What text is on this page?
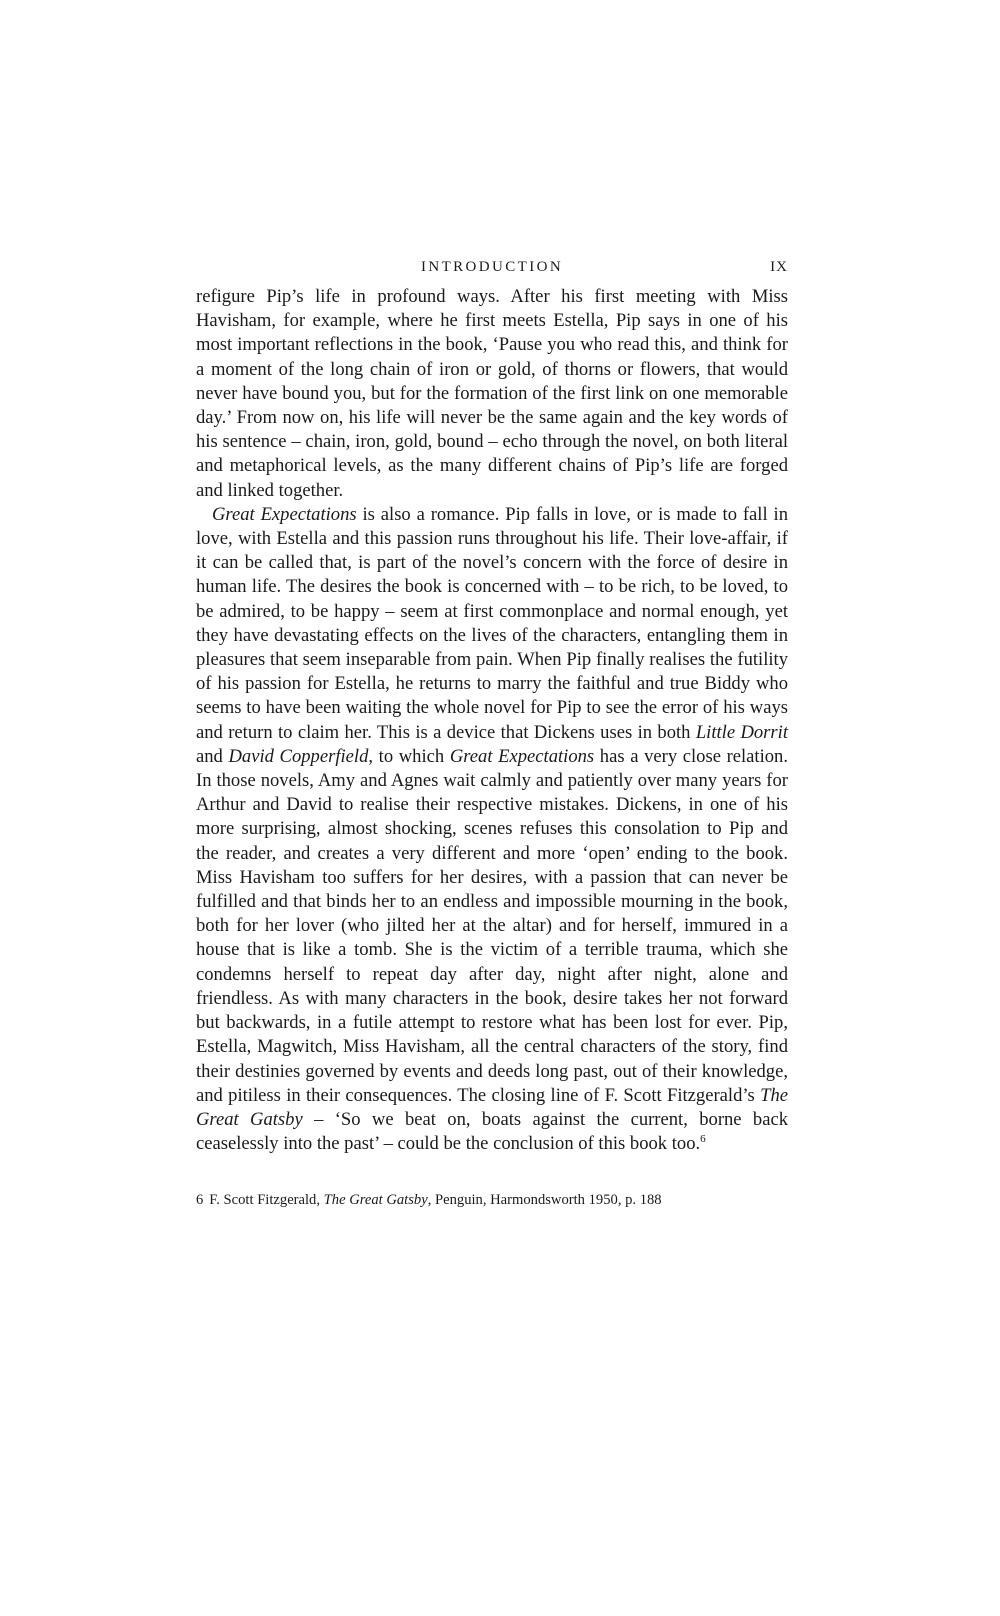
INTRODUCTION	IX

refigure Pip’s life in profound ways. After his first meeting with Miss Havisham, for example, where he first meets Estella, Pip says in one of his most important reflections in the book, ‘Pause you who read this, and think for a moment of the long chain of iron or gold, of thorns or flowers, that would never have bound you, but for the formation of the first link on one memorable day.’ From now on, his life will never be the same again and the key words of his sentence – chain, iron, gold, bound – echo through the novel, on both literal and metaphorical levels, as the many different chains of Pip’s life are forged and linked together.

Great Expectations is also a romance. Pip falls in love, or is made to fall in love, with Estella and this passion runs throughout his life. Their love-affair, if it can be called that, is part of the novel’s concern with the force of desire in human life. The desires the book is concerned with – to be rich, to be loved, to be admired, to be happy – seem at first commonplace and normal enough, yet they have devastating effects on the lives of the characters, entangling them in pleasures that seem inseparable from pain. When Pip finally realises the futility of his passion for Estella, he returns to marry the faithful and true Biddy who seems to have been waiting the whole novel for Pip to see the error of his ways and return to claim her. This is a device that Dickens uses in both Little Dorrit and David Copperfield, to which Great Expectations has a very close relation. In those novels, Amy and Agnes wait calmly and patiently over many years for Arthur and David to realise their respective mistakes. Dickens, in one of his more surprising, almost shocking, scenes refuses this consolation to Pip and the reader, and creates a very different and more ‘open’ ending to the book. Miss Havisham too suffers for her desires, with a passion that can never be fulfilled and that binds her to an endless and impossible mourning in the book, both for her lover (who jilted her at the altar) and for herself, immured in a house that is like a tomb. She is the victim of a terrible trauma, which she condemns herself to repeat day after day, night after night, alone and friendless. As with many characters in the book, desire takes her not forward but backwards, in a futile attempt to restore what has been lost for ever. Pip, Estella, Magwitch, Miss Havisham, all the central characters of the story, find their destinies governed by events and deeds long past, out of their knowledge, and pitiless in their consequences. The closing line of F. Scott Fitzgerald’s The Great Gatsby – ‘So we beat on, boats against the current, borne back ceaselessly into the past’ – could be the conclusion of this book too.$^6$

6 F. Scott Fitzgerald, The Great Gatsby, Penguin, Harmondsworth 1950, p. 188
